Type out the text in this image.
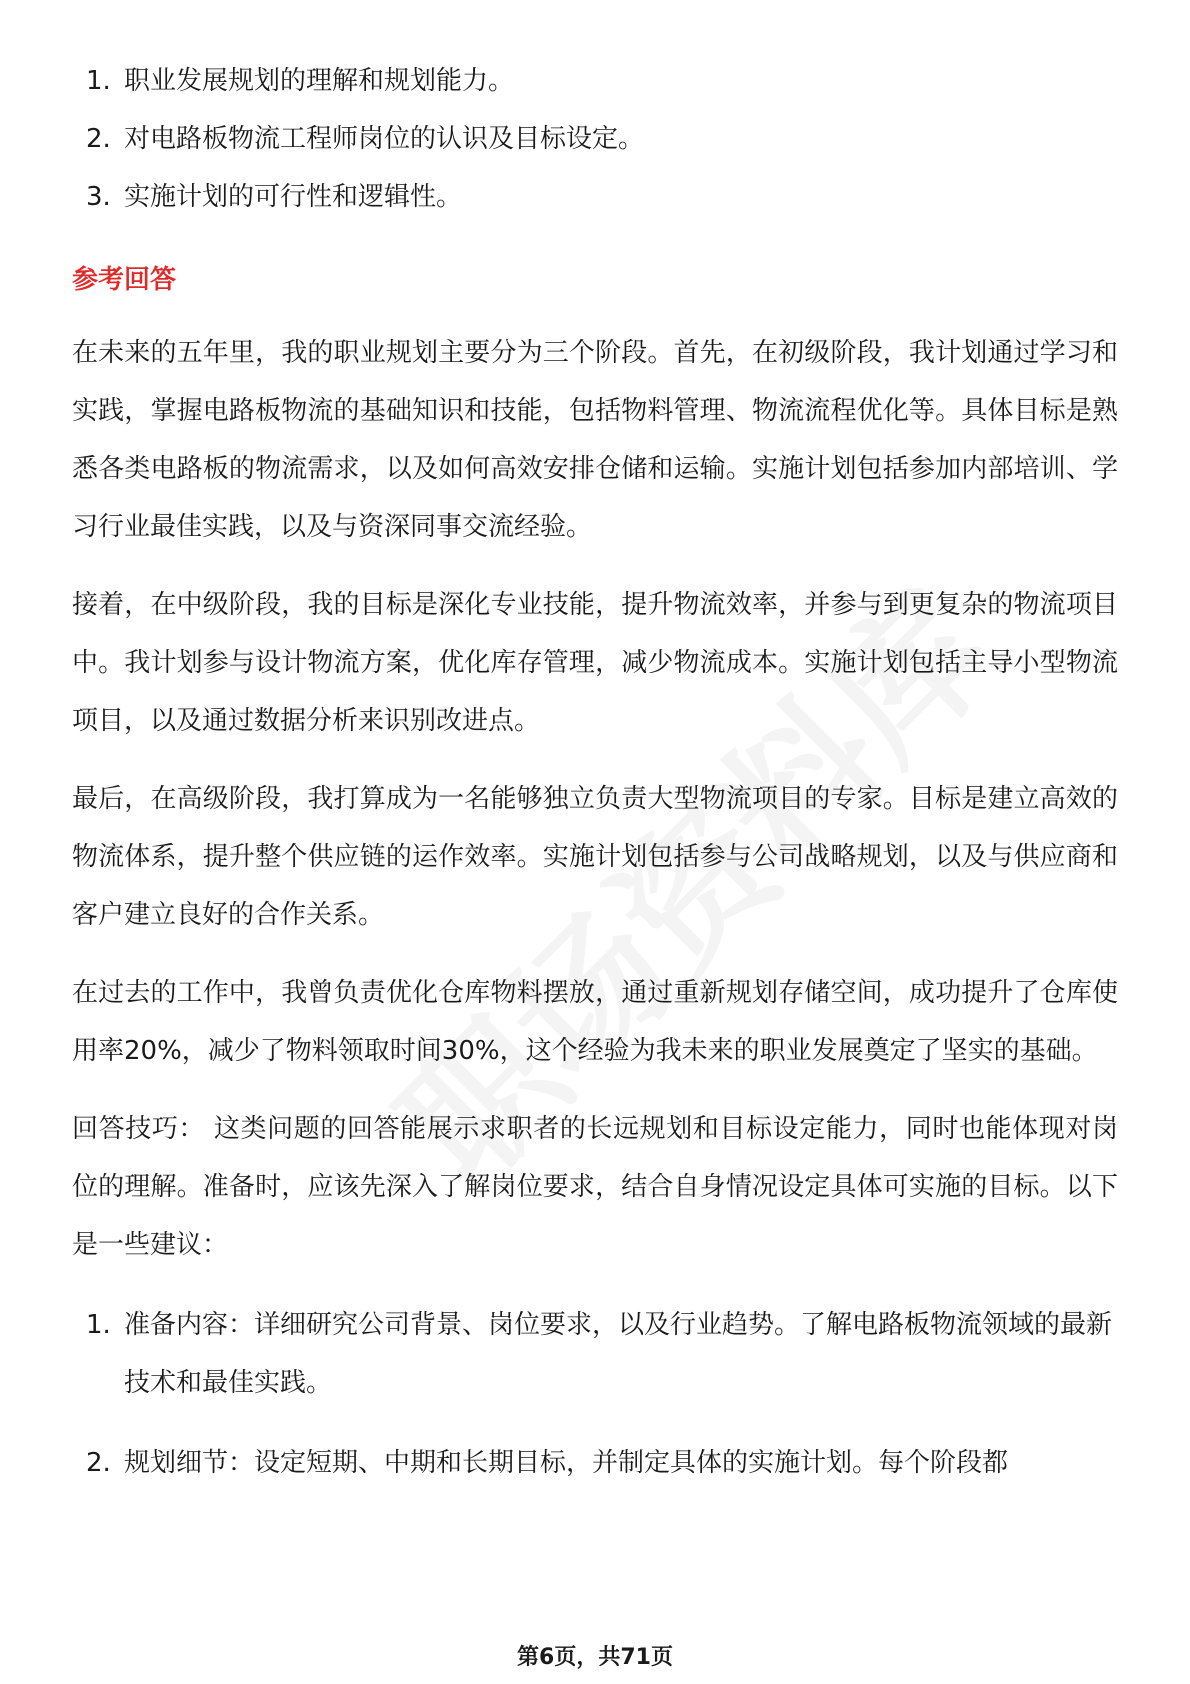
1. 职业发展规划的理解和规划能力。
2. 对电路板物流工程师岗位的认识及目标设定。
3. 实施计划的可行性和逻辑性。
参考回答

在未来的五年里，我的职业规划主要分为三个阶段。首先，在初级阶段，我计划通过学习和实践，掌握电路板物流的基础知识和技能，包括物料管理、物流流程优化等。具体目标是熟悉各类电路板的物流需求，以及如何高效安排仓储和运输。实施计划包括参加内部培训、学习行业最佳实践，以及与资深同事交流经验。

接着，在中级阶段，我的目标是深化专业技能，提升物流效率，并参与到更复杂的物流项目中。我计划参与设计物流方案，优化库存管理，减少物流成本。实施计划包括主导小型物流项目，以及通过数据分析来识别改进点。

最后，在高级阶段，我打算成为一名能够独立负责大型物流项目的专家。目标是建立高效的物流体系，提升整个供应链的运作效率。实施计划包括参与公司战略规划，以及与供应商和客户建立良好的合作关系。

在过去的工作中，我曾负责优化仓库物料摆放，通过重新规划存储空间，成功提升了仓库使用率20%，减少了物料领取时间30%，这个经验为我未来的职业发展奠定了坚实的基础。

回答技巧： 这类问题的回答能展示求职者的长远规划和目标设定能力，同时也能体现对岗位的理解。准备时，应该先深入了解岗位要求，结合自身情况设定具体可实施的目标。以下是一些建议：

1. 准备内容：详细研究公司背景、岗位要求，以及行业趋势。了解电路板物流领域的最新技术和最佳实践。
2. 规划细节：设定短期、中期和长期目标，并制定具体的实施计划。每个阶段都
第6页，共71页
